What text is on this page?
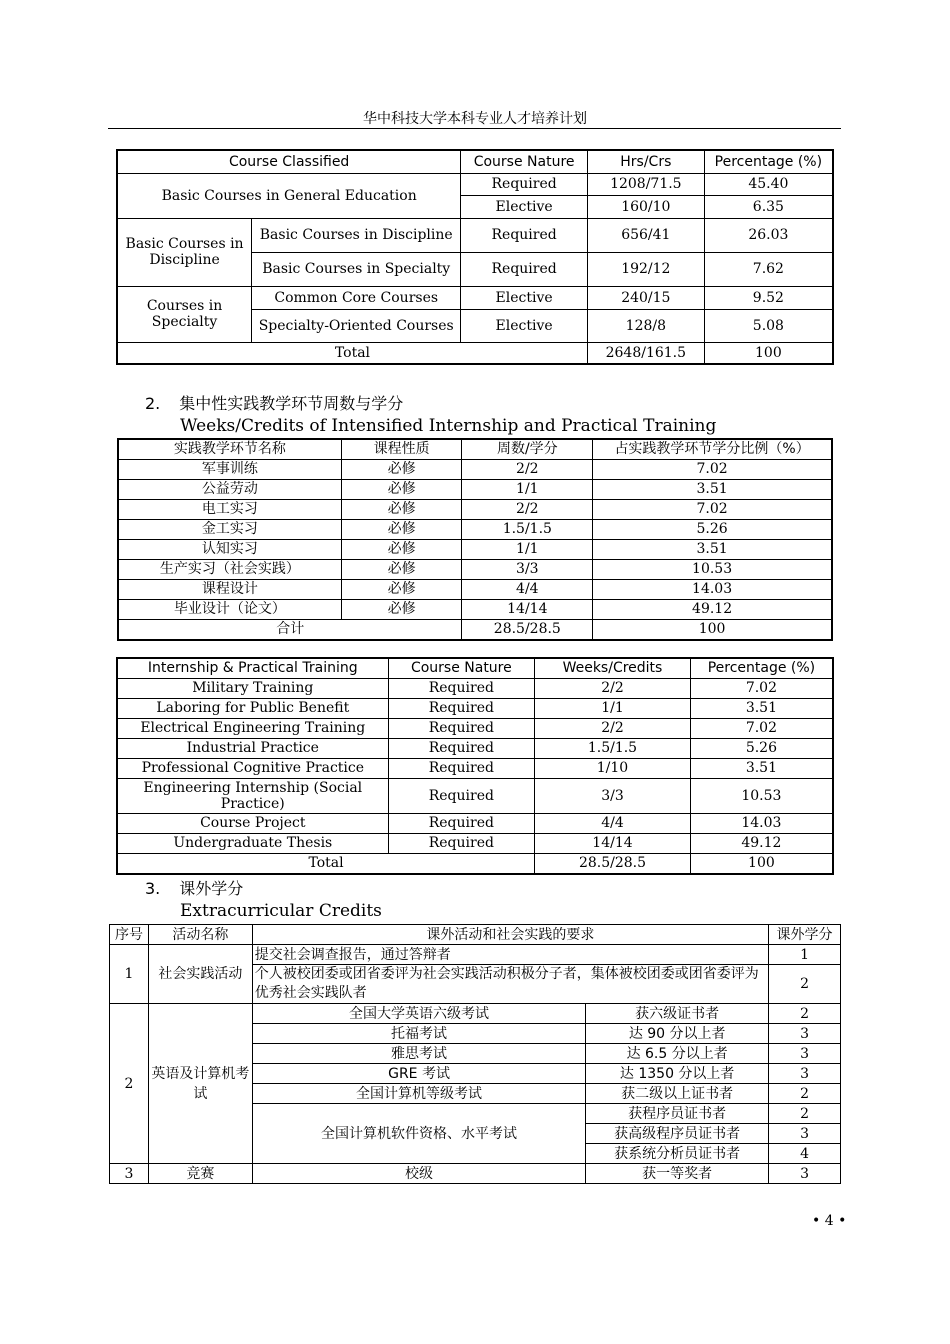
华中科技大学本科专业人才培养计划
Course Classified		Course Nature	Hrs/Crs	Percentage (%)
Basic Courses in General Education		Required	1208/71.5	45.40
		Elective	160/10	6.35
Basic Courses in Discipline	Basic Courses in Discipline	Required	656/41	26.03
	Basic Courses in Specialty	Required	192/12	7.62
Courses in Specialty	Common Core Courses	Elective	240/15	9.52
	Specialty-Oriented Courses	Elective	128/8	5.08
Total			2648/161.5	100
2. 集中性实践教学环节周数与学分
Weeks/Credits of Intensified Internship and Practical Training
实践教学环节名称	课程性质	周数/学分	占实践教学环节学分比例（%）
军事训练	必修	2/2	7.02
公益劳动	必修	1/1	3.51
电工实习	必修	2/2	7.02
金工实习	必修	1.5/1.5	5.26
认知实习	必修	1/1	3.51
生产实习（社会实践）	必修	3/3	10.53
课程设计	必修	4/4	14.03
毕业设计（论文）	必修	14/14	49.12
合计		28.5/28.5	100
Internship & Practical Training	Course Nature	Weeks/Credits	Percentage (%)
Military Training	Required	2/2	7.02
Laboring for Public Benefit	Required	1/1	3.51
Electrical Engineering Training	Required	2/2	7.02
Industrial Practice	Required	1.5/1.5	5.26
Professional Cognitive Practice	Required	1/10	3.51
Engineering Internship (Social Practice)	Required	3/3	10.53
Course Project	Required	4/4	14.03
Undergraduate Thesis	Required	14/14	49.12
Total		28.5/28.5	100
3. 课外学分
Extracurricular Credits
序号	活动名称	课外活动和社会实践的要求		课外学分
1	社会实践活动	提交社会调查报告，通过答辩者		1
		个人被校团委或团省委评为社会实践活动积极分子者，集体被校团委或团省委评为优秀社会实践队者		2
2	英语及计算机考试	全国大学英语六级考试	获六级证书者	2
		托福考试	达 90 分以上者	3
		雅思考试	达 6.5 分以上者	3
		GRE 考试	达 1350 分以上者	3
		全国计算机等级考试	获二级以上证书者	2
		全国计算机软件资格、水平考试	获程序员证书者	2
			获高级程序员证书者	3
			获系统分析员证书者	4
3	竞赛	校级	获一等奖者	3
• 4 •
